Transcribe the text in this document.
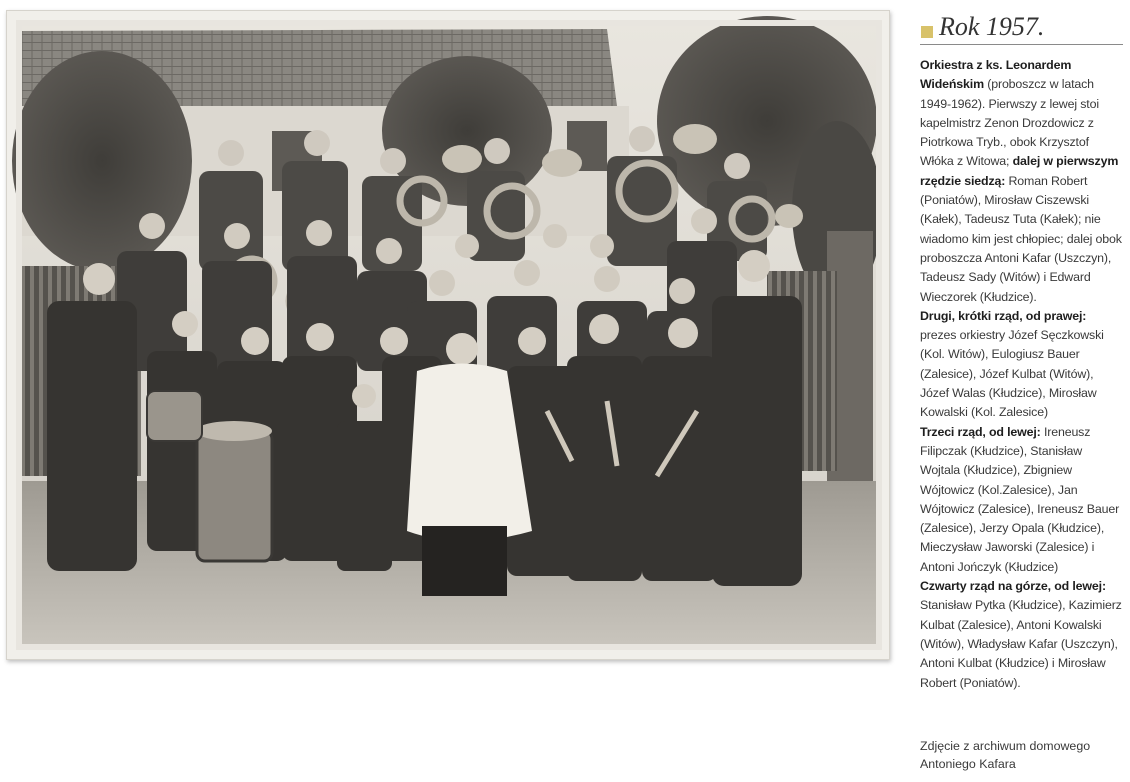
Rok 1957.
Orkiestra z ks. Leonardem Wideńskim (proboszcz w latach 1949-1962). Pierwszy z lewej stoi kapelmistrz Zenon Drozdowicz z Piotrkowa Tryb., obok Krzysztof Włóka z Witowa; dalej w pierwszym rzędzie siedzą: Roman Robert (Poniatów), Mirosław Ciszewski (Kałek), Tadeusz Tuta (Kałek); nie wiadomo kim jest chłopiec; dalej obok proboszcza Antoni Kafar (Uszczyn), Tadeusz Sady (Witów) i Edward Wieczorek (Kłudzice).
Drugi, krótki rząd, od prawej: prezes orkiestry Józef Sęczkowski (Kol. Witów), Eulogiusz Bauer (Zalesice), Józef Kulbat (Witów), Józef Walas (Kłudzice), Mirosław Kowalski (Kol. Zalesice)
Trzeci rząd, od lewej: Ireneusz Filipczak (Kłudzice), Stanisław Wojtala (Kłudzice), Zbigniew Wójtowicz (Kol.Zalesice), Jan Wójtowicz (Zalesice), Ireneusz Bauer (Zalesice), Jerzy Opala (Kłudzice), Mieczysław Jaworski (Zalesice) i Antoni Jończyk (Kłudzice)
Czwarty rząd na górze, od lewej: Stanisław Pytka (Kłudzice), Kazimierz Kulbat (Zalesice), Antoni Kowalski (Witów), Władysław Kafar (Uszczyn), Antoni Kulbat (Kłudzice) i Mirosław Robert (Poniatów).
Zdjęcie z archiwum domowego Antoniego Kafara
